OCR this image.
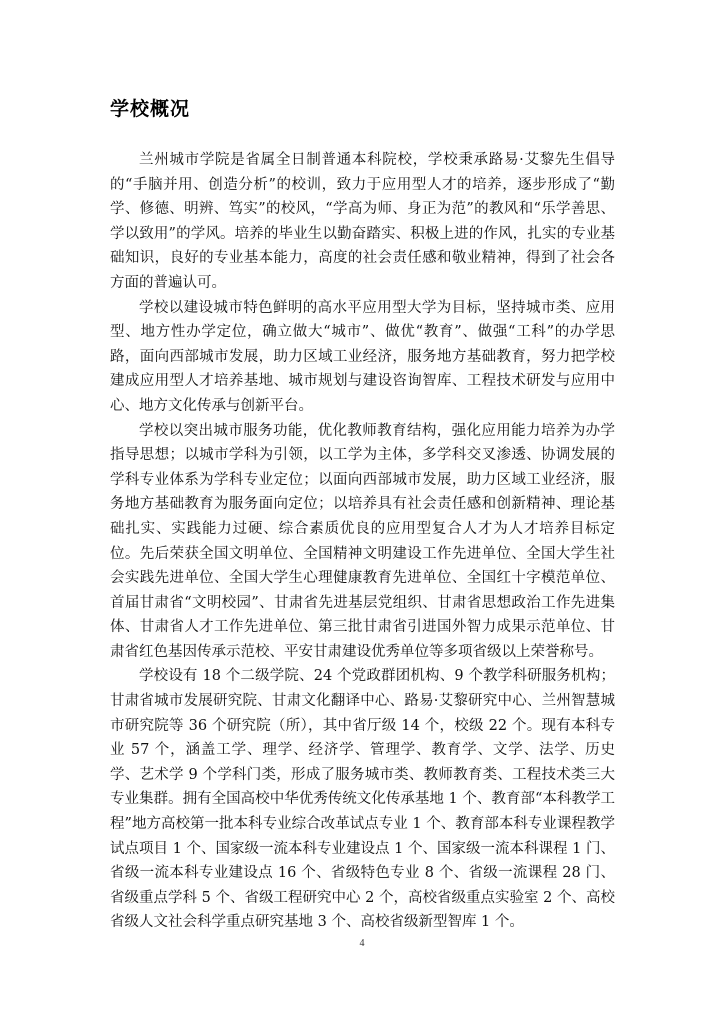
学校概况

兰州城市学院是省属全日制普通本科院校，学校秉承路易·艾黎先生倡导的“手脑并用、创造分析”的校训，致力于应用型人才的培养，逐步形成了“勤学、修德、明辨、笃实”的校风，“学高为师、身正为范”的教风和“乐学善思、学以致用”的学风。培养的毕业生以勤奋踏实、积极上进的作风，扎实的专业基础知识，良好的专业基本能力，高度的社会责任感和敬业精神，得到了社会各方面的普遍认可。

学校以建设城市特色鲜明的高水平应用型大学为目标，坚持城市类、应用型、地方性办学定位，确立做大“城市”、做优“教育”、做强“工科”的办学思路，面向西部城市发展，助力区域工业经济，服务地方基础教育，努力把学校建成应用型人才培养基地、城市规划与建设咨询智库、工程技术研发与应用中心、地方文化传承与创新平台。

学校以突出城市服务功能，优化教师教育结构，强化应用能力培养为办学指导思想；以城市学科为引领，以工学为主体，多学科交叉渗透、协调发展的学科专业体系为学科专业定位；以面向西部城市发展，助力区域工业经济，服务地方基础教育为服务面向定位；以培养具有社会责任感和创新精神、理论基础扎实、实践能力过硬、综合素质优良的应用型复合人才为人才培养目标定位。先后荣获全国文明单位、全国精神文明建设工作先进单位、全国大学生社会实践先进单位、全国大学生心理健康教育先进单位、全国红十字模范单位、首届甘肃省“文明校园”、甘肃省先进基层党组织、甘肃省思想政治工作先进集体、甘肃省人才工作先进单位、第三批甘肃省引进国外智力成果示范单位、甘肃省红色基因传承示范校、平安甘肃建设优秀单位等多项省级以上荣誉称号。

学校设有 18 个二级学院、24 个党政群团机构、9 个教学科研服务机构；甘肃省城市发展研究院、甘肃文化翻译中心、路易·艾黎研究中心、兰州智慧城市研究院等 36 个研究院（所），其中省厅级 14 个，校级 22 个。现有本科专业 57 个，涵盖工学、理学、经济学、管理学、教育学、文学、法学、历史学、艺术学 9 个学科门类，形成了服务城市类、教师教育类、工程技术类三大专业集群。拥有全国高校中华优秀传统文化传承基地 1 个、教育部“本科教学工程”地方高校第一批本科专业综合改革试点专业 1 个、教育部本科专业课程教学试点项目 1 个、国家级一流本科专业建设点 1 个、国家级一流本科课程 1 门、省级一流本科专业建设点 16 个、省级特色专业 8 个、省级一流课程 28 门、省级重点学科 5 个、省级工程研究中心 2 个，高校省级重点实验室 2 个、高校省级人文社会科学重点研究基地 3 个、高校省级新型智库 1 个。

4
